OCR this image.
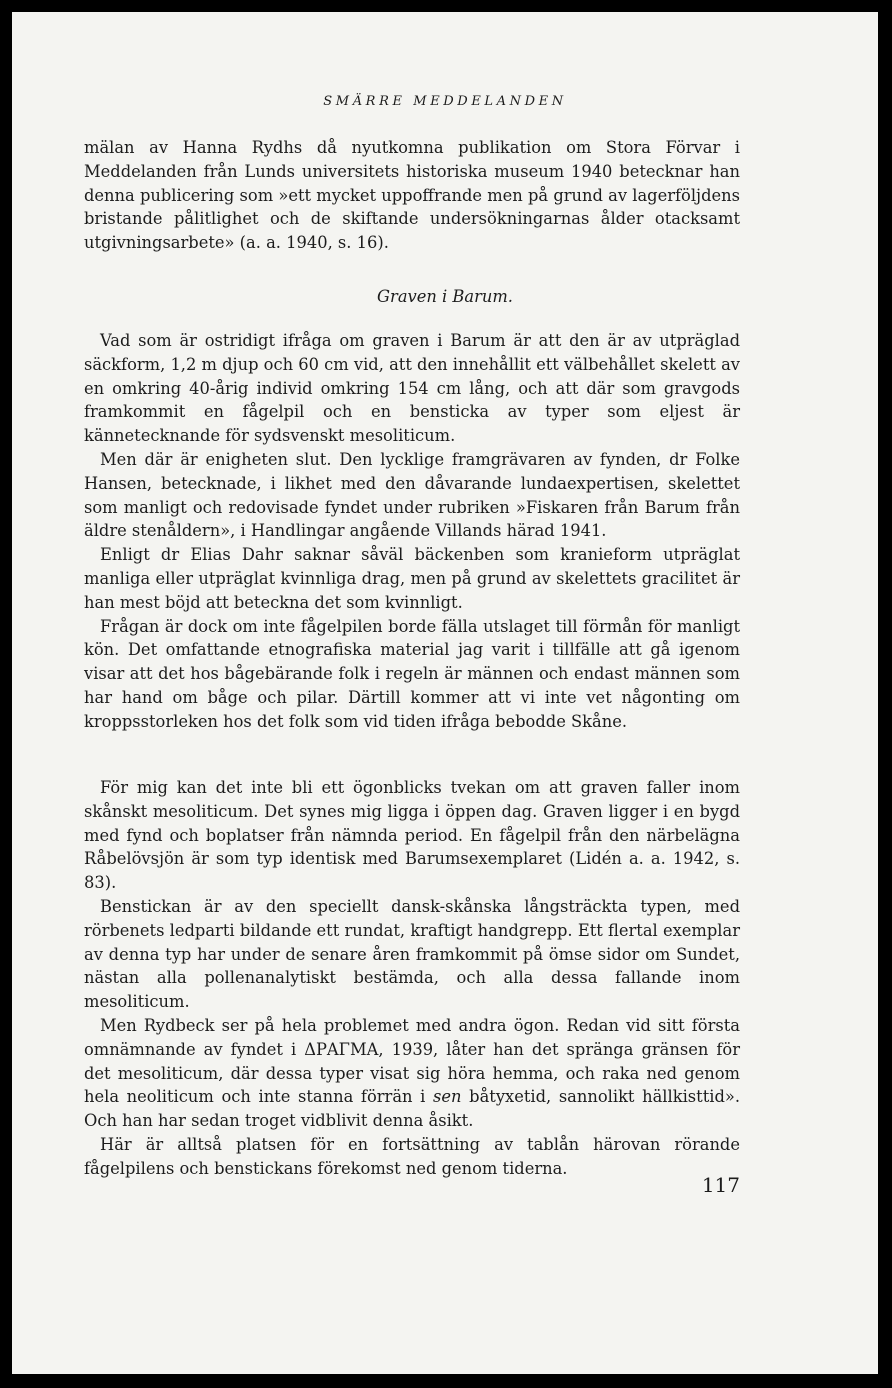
SMÄRRE MEDDELANDEN

mälan av Hanna Rydhs då nyutkomna publikation om Stora Förvar i Meddelanden från Lunds universitets historiska museum 1940 betecknar han denna publicering som »ett mycket uppoffrande men på grund av lagerföljdens bristande pålitlighet och de skiftande undersökningarnas ålder otacksamt utgivningsarbete» (a. a. 1940, s. 16).

Graven i Barum.

Vad som är ostridigt ifråga om graven i Barum är att den är av utpräglad säckform, 1,2 m djup och 60 cm vid, att den innehållit ett välbehållet skelett av en omkring 40-årig individ omkring 154 cm lång, och att där som gravgods framkommit en fågelpil och en bensticka av typer som eljest är kännetecknande för sydsvenskt mesoliticum.

Men där är enigheten slut. Den lycklige framgrävaren av fynden, dr Folke Hansen, betecknade, i likhet med den dåvarande lundaexpertisen, skelettet som manligt och redovisade fyndet under rubriken »Fiskaren från Barum från äldre stenåldern», i Handlingar angående Villands härad 1941.

Enligt dr Elias Dahr saknar såväl bäckenben som kranieform utpräglat manliga eller utpräglat kvinnliga drag, men på grund av skelettets gracilitet är han mest böjd att beteckna det som kvinnligt.

Frågan är dock om inte fågelpilen borde fälla utslaget till förmån för manligt kön. Det omfattande etnografiska material jag varit i tillfälle att gå igenom visar att det hos bågebärande folk i regeln är männen och endast männen som har hand om båge och pilar. Därtill kommer att vi inte vet någonting om kroppsstorleken hos det folk som vid tiden ifråga bebodde Skåne.

För mig kan det inte bli ett ögonblicks tvekan om att graven faller inom skånskt mesoliticum. Det synes mig ligga i öppen dag. Graven ligger i en bygd med fynd och boplatser från nämnda period. En fågelpil från den närbelägna Råbelövsjön är som typ identisk med Barumsexemplaret (Lidén a. a. 1942, s. 83).

Benstickan är av den speciellt dansk-skånska långsträckta typen, med rörbenets ledparti bildande ett rundat, kraftigt handgrepp. Ett flertal exemplar av denna typ har under de senare åren framkommit på ömse sidor om Sundet, nästan alla pollenanalytiskt bestämda, och alla dessa fallande inom mesoliticum.

Men Rydbeck ser på hela problemet med andra ögon. Redan vid sitt första omnämnande av fyndet i ΔΡΑΓΜΑ, 1939, låter han det spränga gränsen för det mesoliticum, där dessa typer visat sig höra hemma, och raka ned genom hela neoliticum och inte stanna förrän i sen båtyxetid, sannolikt hällkisttid». Och han har sedan troget vidblivit denna åsikt.

Här är alltså platsen för en fortsättning av tablån härovan rörande fågelpilens och benstickans förekomst ned genom tiderna.

117
